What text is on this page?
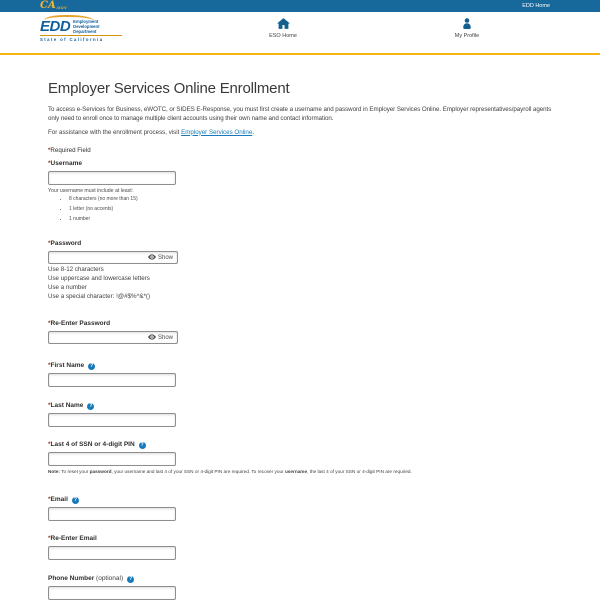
CA.GOV	EDD Home
EDD Employment
Development
Department
State of California
ESO Home	My Profile
Employer Services Online Enrollment

To access e-Services for Business, eWOTC, or SIDES E-Response, you must first create a username and password in Employer Services Online. Employer representatives/payroll agents only need to enroll once to manage multiple client accounts using their own name and contact information.

For assistance with the enrollment process, visit Employer Services Online.

*Required Field

*Username
Your username must include at least:
• 8 characters (no more than 15)
• 1 letter (no accents)
• 1 number
*Password
Show
Use 8-12 characters
Use uppercase and lowercase letters
Use a number
Use a special character: !@#$%^&*()
*Re-Enter Password
Show
*First Name ?
*Last Name ?
*Last 4 of SSN or 4-digit PIN ?
Note: To reset your password, your username and last 4 of your SSN or 4-digit PIN are required. To recover your username, the last 4 of your SSN or 4-digit PIN are required.
*Email ?
*Re-Enter Email
Phone Number (optional) ?
